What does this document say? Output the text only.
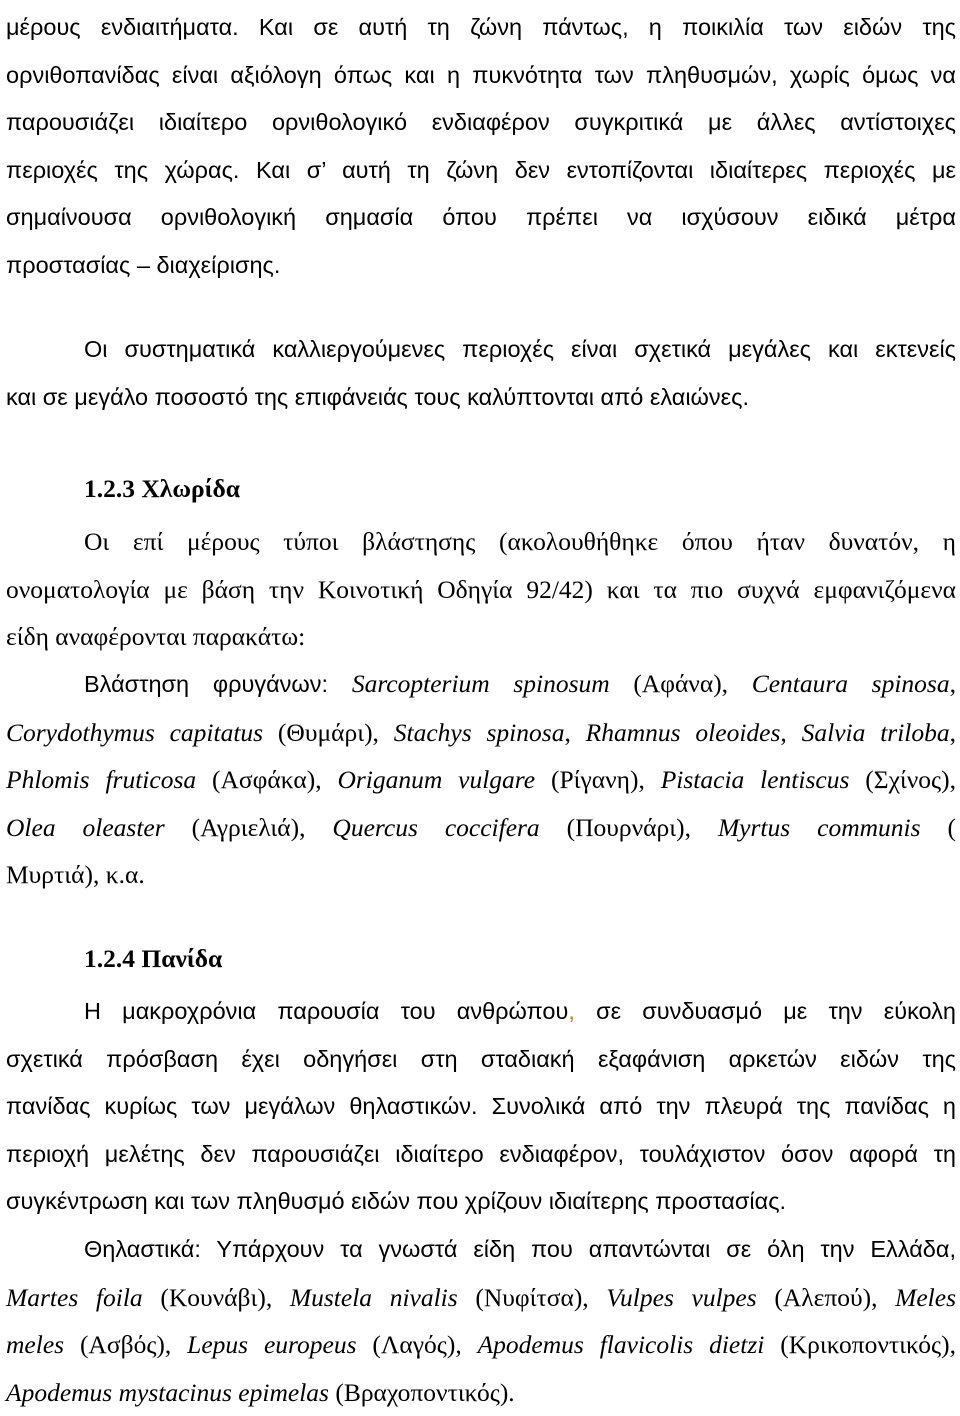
μέρους ενδιαιτήματα. Και σε αυτή τη ζώνη πάντως, η ποικιλία των ειδών της
ορνιθοπανίδας είναι αξιόλογη όπως και η πυκνότητα των πληθυσμών, χωρίς όμως να
παρουσιάζει ιδιαίτερο ορνιθολογικό ενδιαφέρον συγκριτικά με άλλες αντίστοιχες
περιοχές της χώρας. Και σ’ αυτή τη ζώνη δεν εντοπίζονται ιδιαίτερες περιοχές με
σημαίνουσα ορνιθολογική σημασία όπου πρέπει να ισχύσουν ειδικά μέτρα
προστασίας – διαχείρισης.
Οι συστηματικά καλλιεργούμενες περιοχές είναι σχετικά μεγάλες και εκτενείς
και σε μεγάλο ποσοστό της επιφάνειάς τους καλύπτονται από ελαιώνες.
1.2.3 Χλωρίδα
Οι επί μέρους τύποι βλάστησης (ακολουθήθηκε όπου ήταν δυνατόν, η
ονοματολογία με βάση την Κοινοτική Οδηγία 92/42) και τα πιο συχνά εμφανιζόμενα
είδη αναφέρονται παρακάτω:
Βλάστηση φρυγάνων: Sarcopterium spinosum (Αφάνα), Centaura spinosa,
Corydothymus capitatus (Θυμάρι), Stachys spinosa, Rhamnus oleoides, Salvia triloba,
Phlomis fruticosa (Ασφάκα), Origanum vulgare (Ρίγανη), Pistacia lentiscus (Σχίνος),
Olea oleaster (Αγριελιά), Quercus coccifera (Πουρνάρι), Myrtus communis (
Μυρτιά), κ.α.
1.2.4 Πανίδα
Η μακροχρόνια παρουσία του ανθρώπου, σε συνδυασμό με την εύκολη
σχετικά πρόσβαση έχει οδηγήσει στη σταδιακή εξαφάνιση αρκετών ειδών της
πανίδας κυρίως των μεγάλων θηλαστικών. Συνολικά από την πλευρά της πανίδας η
περιοχή μελέτης δεν παρουσιάζει ιδιαίτερο ενδιαφέρον, τουλάχιστον όσον αφορά τη
συγκέντρωση και των πληθυσμό ειδών που χρίζουν ιδιαίτερης προστασίας.
Θηλαστικά: Υπάρχουν τα γνωστά είδη που απαντώνται σε όλη την Ελλάδα,
Martes foila (Κουνάβι), Mustela nivalis (Νυφίτσα), Vulpes vulpes (Αλεπού), Meles
meles (Ασβός), Lepus europeus (Λαγός), Apodemus flavicolis dietzi (Κρικοποντικός),
Apodemus mystacinus epimelas (Βραχοποντικός).
